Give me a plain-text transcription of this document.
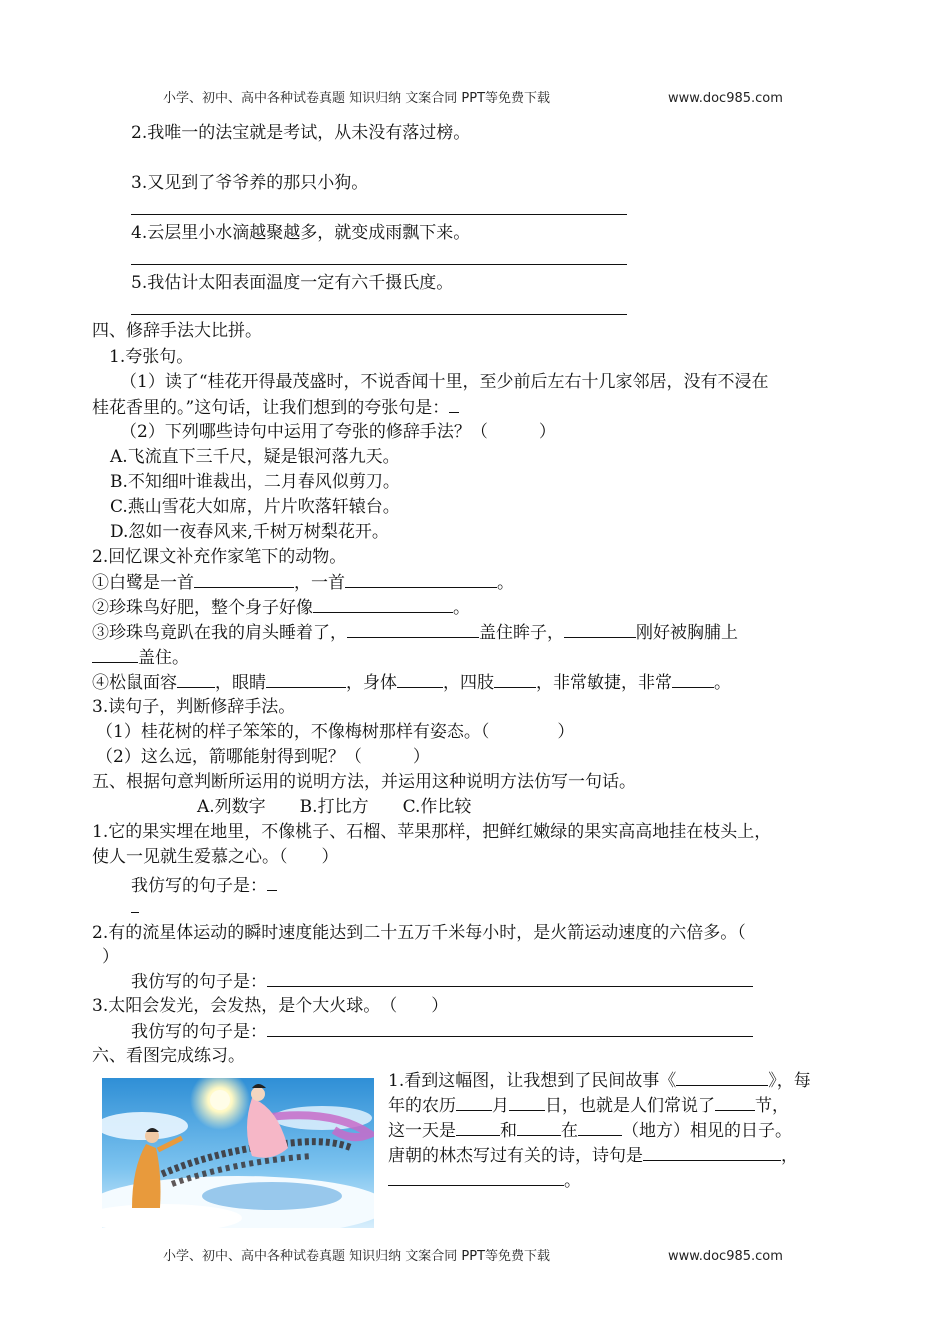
小学、初中、高中各种试卷真题 知识归纳 文案合同 PPT等免费下载	www.doc985.com
2.我唯一的法宝就是考试，从未没有落过榜。
3.又见到了爷爷养的那只小狗。
4.云层里小水滴越聚越多，就变成雨飘下来。
5.我估计太阳表面温度一定有六千摄氏度。
四、修辞手法大比拼。
1.夸张句。
（1）读了“桂花开得最茂盛时，不说香闻十里，至少前后左右十几家邻居，没有不浸在
桂花香里的。”这句话，让我们想到的夸张句是：
（2）下列哪些诗句中运用了夸张的修辞手法？（　　　）
A.飞流直下三千尺，疑是银河落九天。
B.不知细叶谁裁出，二月春风似剪刀。
C.燕山雪花大如席，片片吹落轩辕台。
D.忽如一夜春风来,千树万树梨花开。
2.回忆课文补充作家笔下的动物。
①白鹭是一首	，一首	。
②珍珠鸟好肥，整个身子好像	。
③珍珠鸟竟趴在我的肩头睡着了，	盖住眸子，	刚好被胸脯上
盖住。
④松鼠面容 ，眼睛	，身体	，四肢 ，非常敏捷，非常 。
3.读句子，判断修辞手法。
（1）桂花树的样子笨笨的，不像梅树那样有姿态。（　　　　）
（2）这么远，箭哪能射得到呢？（　　　）
五、根据句意判断所运用的说明方法，并运用这种说明方法仿写一句话。
A.列数字　　B.打比方　　C.作比较
1.它的果实埋在地里，不像桃子、石榴、苹果那样，把鲜红嫩绿的果实高高地挂在枝头上，
使人一见就生爱慕之心。（　　）
我仿写的句子是：
2.有的流星体运动的瞬时速度能达到二十五万千米每小时，是火箭运动速度的六倍多。（
）
我仿写的句子是：
3.太阳会发光，会发热，是个大火球。　（　　）
我仿写的句子是：
六、看图完成练习。
1.看到这幅图，让我想到了民间故事《	》，每
年的农历 月 日，也就是人们常说了 节，
这一天是	和	在	（地方）相见的日子。
唐朝的林杰写过有关的诗，诗句是	，
。
小学、初中、高中各种试卷真题 知识归纳 文案合同 PPT等免费下载	www.doc985.com
